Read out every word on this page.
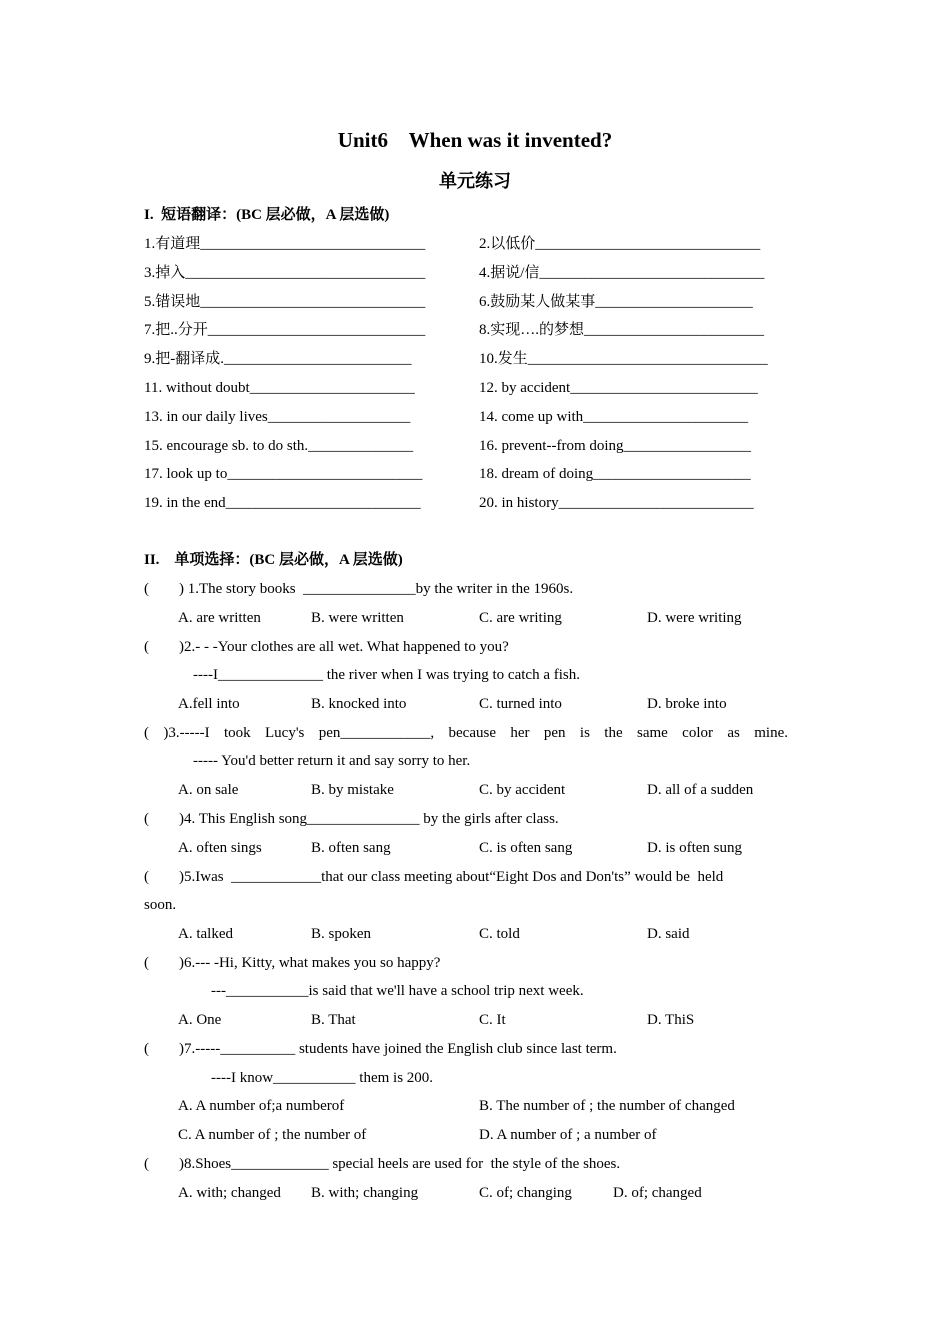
Unit6    When was it invented?
单元练习
I.  短语翻译：(BC 层必做，A 层选做)
1.有道理______________________________	2.以低价______________________________
3.掉入________________________________	4.据说/信______________________________
5.错误地______________________________	6.鼓励某人做某事_____________________
7.把..分开_____________________________	8.实现….的梦想________________________
9.把-翻译成._________________________	10.发生________________________________
11. without doubt______________________	12. by accident_________________________
13. in our daily lives___________________	14. come up with______________________
15. encourage sb. to do sth.______________	16. prevent--from doing_________________
17. look up to__________________________	18. dream of doing_____________________
19. in the end__________________________	20. in history__________________________
II.    单项选择：(BC 层必做，A 层选做)
(        ) 1.The story books  _______________by the writer in the 1960s.
A. are written	B. were written	C. are writing	D. were writing
(        )2.- - -Your clothes are all wet. What happened to you?
----I______________ the river when I was trying to catch a fish.
A.fell into	B. knocked into	C. turned into	D. broke into
( )3.-----I took Lucy's pen____________, because her pen is the same color as mine.
----- You'd better return it and say sorry to her.
A. on sale	B. by mistake	C. by accident	D. all of a sudden
(        )4. This English song_______________ by the girls after class.
A. often sings	B. often sang	C. is often sang	D. is often sung
(        )5.Iwas  ____________that our class meeting about“Eight Dos and Don'ts” would be  held
soon.
A. talked	B. spoken	C. told	D. said
(        )6.--- -Hi, Kitty, what makes you so happy?
---___________is said that we'll have a school trip next week.
A. One	B. That	C. It	D. ThiS
(        )7.-----__________ students have joined the English club since last term.
----I know___________ them is 200.
A. A number of;a numberof	B. The number of ; the number of changed
C. A number of ; the number of	D. A number of ; a number of
(        )8.Shoes_____________ special heels are used for  the style of the shoes.
A. with; changed B. with; changing	C. of; changing	D. of; changed
